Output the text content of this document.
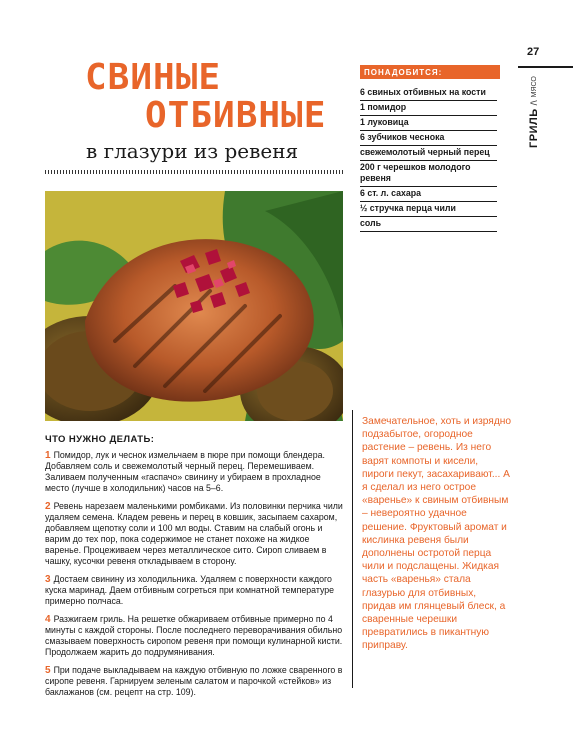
27
ГРИЛЬ
/\
МЯСО
СВИНЫЕ
ОТБИВНЫЕ
в глазури из ревеня
ПОНАДОБИТСЯ:
6 свиных отбивных на кости
1 помидор
1 луковица
6 зубчиков чеснока
свежемолотый черный перец
200 г черешков молодого ревеня
6 ст. л. сахара
½ стручка перца чили
соль
ЧТО НУЖНО ДЕЛАТЬ:

1 Помидор, лук и чеснок измельчаем в пюре при помощи блендера. Добавляем соль и свежемолотый черный перец. Перемешиваем. Заливаем полученным «гаспачо» свинину и убираем в прохладное место (лучше в холодильник) часов на 5–6.

2 Ревень нарезаем маленькими ромбиками. Из половинки перчика чили удаляем семена. Кладем ревень и перец в ковшик, засыпаем сахаром, добавляем щепотку соли и 100 мл воды. Ставим на слабый огонь и варим до тех пор, пока содержимое не станет похоже на жидкое варенье. Процеживаем через металлическое сито. Сироп сливаем в чашку, кусочки ревеня откладываем в сторону.

3 Достаем свинину из холодильника. Удаляем с поверхности каждого куска маринад. Даем отбивным согреться при комнатной температуре примерно полчаса.

4 Разжигаем гриль. На решетке обжариваем отбивные примерно по 4 минуты с каждой стороны. После последнего переворачивания обильно смазываем поверхность сиропом ревеня при помощи кулинарной кисти. Продолжаем жарить до подрумянивания.

5 При подаче выкладываем на каждую отбивную по ложке сваренного в сиропе ревеня. Гарнируем зеленым салатом и парочкой «стейков» из баклажанов (см. рецепт на стр. 109).

Замечательное, хоть и изрядно подзабытое, огородное растение – ревень. Из него варят компоты и кисели, пироги пекут, засахаривают... А я сделал из него острое «варенье» к свиным отбивным – невероятно удачное решение. Фруктовый аромат и кислинка ревеня были дополнены остротой перца чили и подслащены. Жидкая часть «варенья» стала глазурью для отбивных, придав им глянцевый блеск, а сваренные черешки превратились в пикантную приправу.
